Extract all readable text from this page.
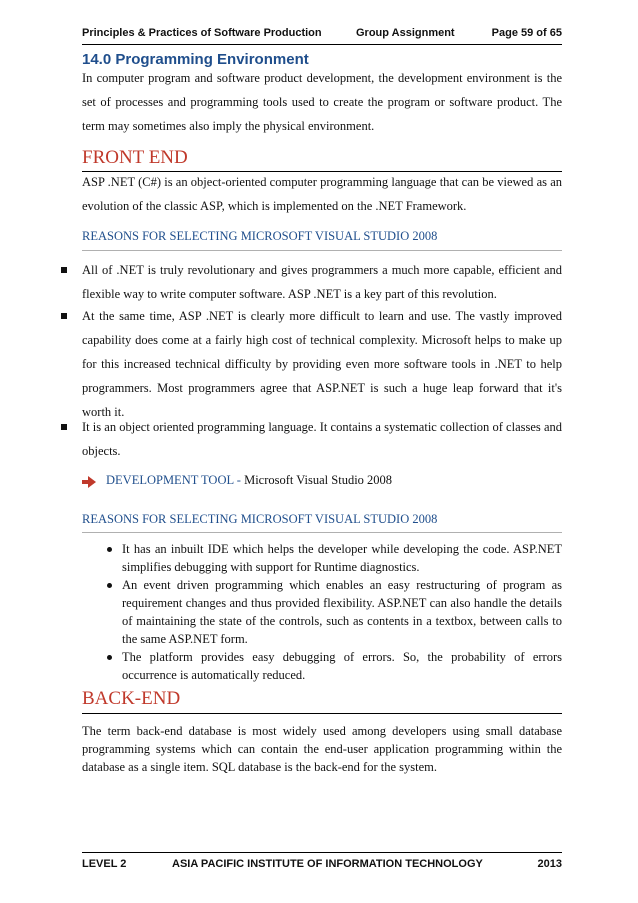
Principles & Practices of Software Production	Group Assignment	Page 59 of 65
14.0 Programming Environment
In computer program and software product development, the development environment is the set of processes and programming tools used to create the program or software product. The term may sometimes also imply the physical environment.
FRONT END
ASP .NET (C#) is an object-oriented computer programming language that can be viewed as an evolution of the classic ASP, which is implemented on the .NET Framework.
REASONS FOR SELECTING MICROSOFT VISUAL STUDIO 2008
All of .NET is truly revolutionary and gives programmers a much more capable, efficient and flexible way to write computer software. ASP .NET is a key part of this revolution.
At the same time, ASP .NET is clearly more difficult to learn and use. The vastly improved capability does come at a fairly high cost of technical complexity. Microsoft helps to make up for this increased technical difficulty by providing even more software tools in .NET to help programmers. Most programmers agree that ASP.NET is such a huge leap forward that it's worth it.
It is an object oriented programming language. It contains a systematic collection of classes and objects.
DEVELOPMENT TOOL - Microsoft Visual Studio 2008
REASONS FOR SELECTING MICROSOFT VISUAL STUDIO 2008
It has an inbuilt IDE which helps the developer while developing the code. ASP.NET simplifies debugging with support for Runtime diagnostics.
An event driven programming which enables an easy restructuring of program as requirement changes and thus provided flexibility. ASP.NET can also handle the details of maintaining the state of the controls, such as contents in a textbox, between calls to the same ASP.NET form.
The platform provides easy debugging of errors. So, the probability of errors occurrence is automatically reduced.
BACK-END
The term back-end database is most widely used among developers using small database programming systems which can contain the end-user application programming within the database as a single item. SQL database is the back-end for the system.
LEVEL 2	ASIA PACIFIC INSTITUTE OF INFORMATION TECHNOLOGY	2013
